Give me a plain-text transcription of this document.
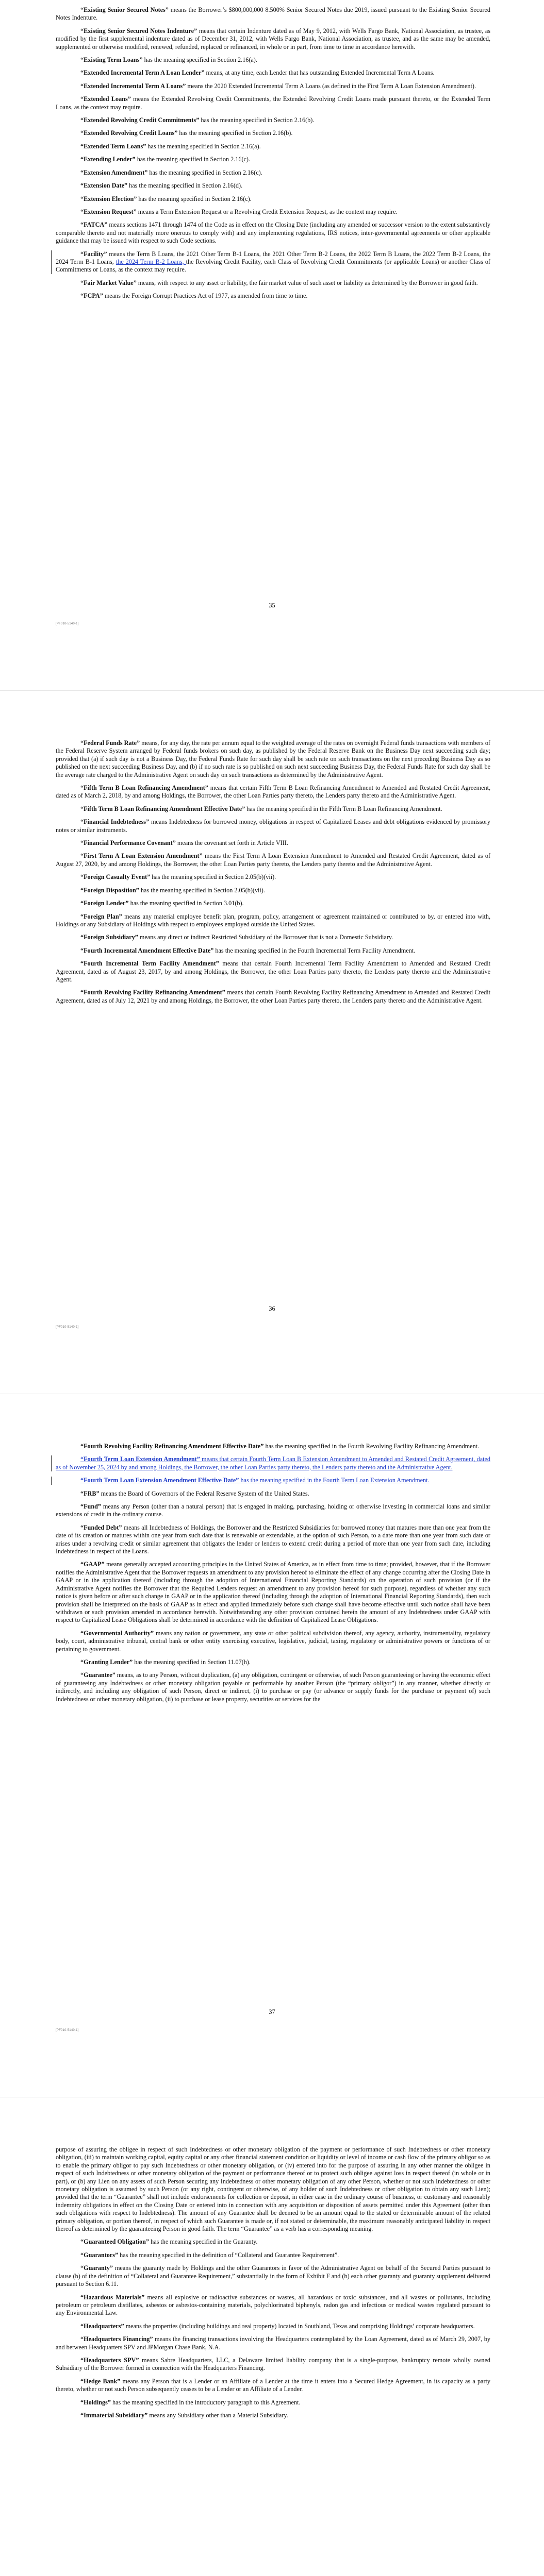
“Existing Senior Secured Notes” means the Borrower’s $800,000,000 8.500% Senior Secured Notes due 2019, issued pursuant to the Existing Senior Secured Notes Indenture.

“Existing Senior Secured Notes Indenture” means that certain Indenture dated as of May 9, 2012, with Wells Fargo Bank, National Association, as trustee, as modified by the first supplemental indenture dated as of December 31, 2012, with Wells Fargo Bank, National Association, as trustee, and as the same may be amended, supplemented or otherwise modified, renewed, refunded, replaced or refinanced, in whole or in part, from time to time in accordance herewith.

“Existing Term Loans” has the meaning specified in Section 2.16(a).

“Extended Incremental Term A Loan Lender” means, at any time, each Lender that has outstanding Extended Incremental Term A Loans.

“Extended Incremental Term A Loans” means the 2020 Extended Incremental Term A Loans (as defined in the First Term A Loan Extension Amendment).

“Extended Loans” means the Extended Revolving Credit Commitments, the Extended Revolving Credit Loans made pursuant thereto, or the Extended Term Loans, as the context may require.

“Extended Revolving Credit Commitments” has the meaning specified in Section 2.16(b).

“Extended Revolving Credit Loans” has the meaning specified in Section 2.16(b).

“Extended Term Loans” has the meaning specified in Section 2.16(a).

“Extending Lender” has the meaning specified in Section 2.16(c).

“Extension Amendment” has the meaning specified in Section 2.16(c).

“Extension Date” has the meaning specified in Section 2.16(d).

“Extension Election” has the meaning specified in Section 2.16(c).

“Extension Request” means a Term Extension Request or a Revolving Credit Extension Request, as the context may require.

“FATCA” means sections 1471 through 1474 of the Code as in effect on the Closing Date (including any amended or successor version to the extent substantively comparable thereto and not materially more onerous to comply with) and any implementing regulations, IRS notices, inter-governmental agreements or other applicable guidance that may be issued with respect to such Code sections.

“Facility” means the Term B Loans, the 2021 Other Term B-1 Loans, the 2021 Other Term B-2 Loans, the 2022 Term B Loans, the 2022 Term B-2 Loans, the 2024 Term B-1 Loans, the 2024 Term B-2 Loans, the Revolving Credit Facility, each Class of Revolving Credit Commitments (or applicable Loans) or another Class of Commitments or Loans, as the context may require.

“Fair Market Value” means, with respect to any asset or liability, the fair market value of such asset or liability as determined by the Borrower in good faith.

“FCPA” means the Foreign Corrupt Practices Act of 1977, as amended from time to time.

35
[PF010-5140-1]

“Federal Funds Rate” means, for any day, the rate per annum equal to the weighted average of the rates on overnight Federal funds transactions with members of the Federal Reserve System arranged by Federal funds brokers on such day, as published by the Federal Reserve Bank on the Business Day next succeeding such day; provided that (a) if such day is not a Business Day, the Federal Funds Rate for such day shall be such rate on such transactions on the next preceding Business Day as so published on the next succeeding Business Day, and (b) if no such rate is so published on such next succeeding Business Day, the Federal Funds Rate for such day shall be the average rate charged to the Administrative Agent on such day on such transactions as determined by the Administrative Agent.

“Fifth Term B Loan Refinancing Amendment” means that certain Fifth Term B Loan Refinancing Amendment to Amended and Restated Credit Agreement, dated as of March 2, 2018, by and among Holdings, the Borrower, the other Loan Parties party thereto, the Lenders party thereto and the Administrative Agent.

“Fifth Term B Loan Refinancing Amendment Effective Date” has the meaning specified in the Fifth Term B Loan Refinancing Amendment.

“Financial Indebtedness” means Indebtedness for borrowed money, obligations in respect of Capitalized Leases and debt obligations evidenced by promissory notes or similar instruments.

“Financial Performance Covenant” means the covenant set forth in Article VIII.

“First Term A Loan Extension Amendment” means the First Term A Loan Extension Amendment to Amended and Restated Credit Agreement, dated as of August 27, 2020, by and among Holdings, the Borrower, the other Loan Parties party thereto, the Lenders party thereto and the Administrative Agent.

“Foreign Casualty Event” has the meaning specified in Section 2.05(b)(vii).

“Foreign Disposition” has the meaning specified in Section 2.05(b)(vii).

“Foreign Lender” has the meaning specified in Section 3.01(b).

“Foreign Plan” means any material employee benefit plan, program, policy, arrangement or agreement maintained or contributed to by, or entered into with, Holdings or any Subsidiary of Holdings with respect to employees employed outside the United States.

“Foreign Subsidiary” means any direct or indirect Restricted Subsidiary of the Borrower that is not a Domestic Subsidiary.

“Fourth Incremental Amendment Effective Date” has the meaning specified in the Fourth Incremental Term Facility Amendment.

“Fourth Incremental Term Facility Amendment” means that certain Fourth Incremental Term Facility Amendment to Amended and Restated Credit Agreement, dated as of August 23, 2017, by and among Holdings, the Borrower, the other Loan Parties party thereto, the Lenders party thereto and the Administrative Agent.

“Fourth Revolving Facility Refinancing Amendment” means that certain Fourth Revolving Facility Refinancing Amendment to Amended and Restated Credit Agreement, dated as of July 12, 2021 by and among Holdings, the Borrower, the other Loan Parties party thereto, the Lenders party thereto and the Administrative Agent.

36
[PF010-5140-1]

“Fourth Revolving Facility Refinancing Amendment Effective Date” has the meaning specified in the Fourth Revolving Facility Refinancing Amendment.

“Fourth Term Loan Extension Amendment” means that certain Fourth Term Loan B Extension Amendment to Amended and Restated Credit Agreement, dated as of November 25, 2024 by and among Holdings, the Borrower, the other Loan Parties party thereto, the Lenders party thereto and the Administrative Agent.

“Fourth Term Loan Extension Amendment Effective Date” has the meaning specified in the Fourth Term Loan Extension Amendment.

“FRB” means the Board of Governors of the Federal Reserve System of the United States.

“Fund” means any Person (other than a natural person) that is engaged in making, purchasing, holding or otherwise investing in commercial loans and similar extensions of credit in the ordinary course.

“Funded Debt” means all Indebtedness of Holdings, the Borrower and the Restricted Subsidiaries for borrowed money that matures more than one year from the date of its creation or matures within one year from such date that is renewable or extendable, at the option of such Person, to a date more than one year from such date or arises under a revolving credit or similar agreement that obligates the lender or lenders to extend credit during a period of more than one year from such date, including Indebtedness in respect of the Loans.

“GAAP” means generally accepted accounting principles in the United States of America, as in effect from time to time; provided, however, that if the Borrower notifies the Administrative Agent that the Borrower requests an amendment to any provision hereof to eliminate the effect of any change occurring after the Closing Date in GAAP or in the application thereof (including through the adoption of International Financial Reporting Standards) on the operation of such provision (or if the Administrative Agent notifies the Borrower that the Required Lenders request an amendment to any provision hereof for such purpose), regardless of whether any such notice is given before or after such change in GAAP or in the application thereof (including through the adoption of International Financial Reporting Standards), then such provision shall be interpreted on the basis of GAAP as in effect and applied immediately before such change shall have become effective until such notice shall have been withdrawn or such provision amended in accordance herewith. Notwithstanding any other provision contained herein the amount of any Indebtedness under GAAP with respect to Capitalized Lease Obligations shall be determined in accordance with the definition of Capitalized Lease Obligations.

“Governmental Authority” means any nation or government, any state or other political subdivision thereof, any agency, authority, instrumentality, regulatory body, court, administrative tribunal, central bank or other entity exercising executive, legislative, judicial, taxing, regulatory or administrative powers or functions of or pertaining to government.

“Granting Lender” has the meaning specified in Section 11.07(h).

“Guarantee” means, as to any Person, without duplication, (a) any obligation, contingent or otherwise, of such Person guaranteeing or having the economic effect of guaranteeing any Indebtedness or other monetary obligation payable or performable by another Person (the “primary obligor”) in any manner, whether directly or indirectly, and including any obligation of such Person, direct or indirect, (i) to purchase or pay (or advance or supply funds for the purchase or payment of) such Indebtedness or other monetary obligation, (ii) to purchase or lease property, securities or services for the

37
[PF010-5140-1]

purpose of assuring the obligee in respect of such Indebtedness or other monetary obligation of the payment or performance of such Indebtedness or other monetary obligation, (iii) to maintain working capital, equity capital or any other financial statement condition or liquidity or level of income or cash flow of the primary obligor so as to enable the primary obligor to pay such Indebtedness or other monetary obligation, or (iv) entered into for the purpose of assuring in any other manner the obligee in respect of such Indebtedness or other monetary obligation of the payment or performance thereof or to protect such obligee against loss in respect thereof (in whole or in part), or (b) any Lien on any assets of such Person securing any Indebtedness or other monetary obligation of any other Person, whether or not such Indebtedness or other monetary obligation is assumed by such Person (or any right, contingent or otherwise, of any holder of such Indebtedness or other obligation to obtain any such Lien); provided that the term “Guarantee” shall not include endorsements for collection or deposit, in either case in the ordinary course of business, or customary and reasonably indemnity obligations in effect on the Closing Date or entered into in connection with any acquisition or disposition of assets permitted under this Agreement (other than such obligations with respect to Indebtedness). The amount of any Guarantee shall be deemed to be an amount equal to the stated or determinable amount of the related primary obligation, or portion thereof, in respect of which such Guarantee is made or, if not stated or determinable, the maximum reasonably anticipated liability in respect thereof as determined by the guaranteeing Person in good faith. The term “Guarantee” as a verb has a corresponding meaning.

“Guaranteed Obligation” has the meaning specified in the Guaranty.

“Guarantors” has the meaning specified in the definition of “Collateral and Guarantee Requirement”.

“Guaranty” means the guaranty made by Holdings and the other Guarantors in favor of the Administrative Agent on behalf of the Secured Parties pursuant to clause (b) of the definition of “Collateral and Guarantee Requirement,” substantially in the form of Exhibit F and (b) each other guaranty and guaranty supplement delivered pursuant to Section 6.11.

“Hazardous Materials” means all explosive or radioactive substances or wastes, all hazardous or toxic substances, and all wastes or pollutants, including petroleum or petroleum distillates, asbestos or asbestos-containing materials, polychlorinated biphenyls, radon gas and infectious or medical wastes regulated pursuant to any Environmental Law.

“Headquarters” means the properties (including buildings and real property) located in Southland, Texas and comprising Holdings’ corporate headquarters.

“Headquarters Financing” means the financing transactions involving the Headquarters contemplated by the Loan Agreement, dated as of March 29, 2007, by and between Headquarters SPV and JPMorgan Chase Bank, N.A.

“Headquarters SPV” means Sabre Headquarters, LLC, a Delaware limited liability company that is a single-purpose, bankruptcy remote wholly owned Subsidiary of the Borrower formed in connection with the Headquarters Financing.

“Hedge Bank” means any Person that is a Lender or an Affiliate of a Lender at the time it enters into a Secured Hedge Agreement, in its capacity as a party thereto, whether or not such Person subsequently ceases to be a Lender or an Affiliate of a Lender.

“Holdings” has the meaning specified in the introductory paragraph to this Agreement.

“Immaterial Subsidiary” means any Subsidiary other than a Material Subsidiary.
